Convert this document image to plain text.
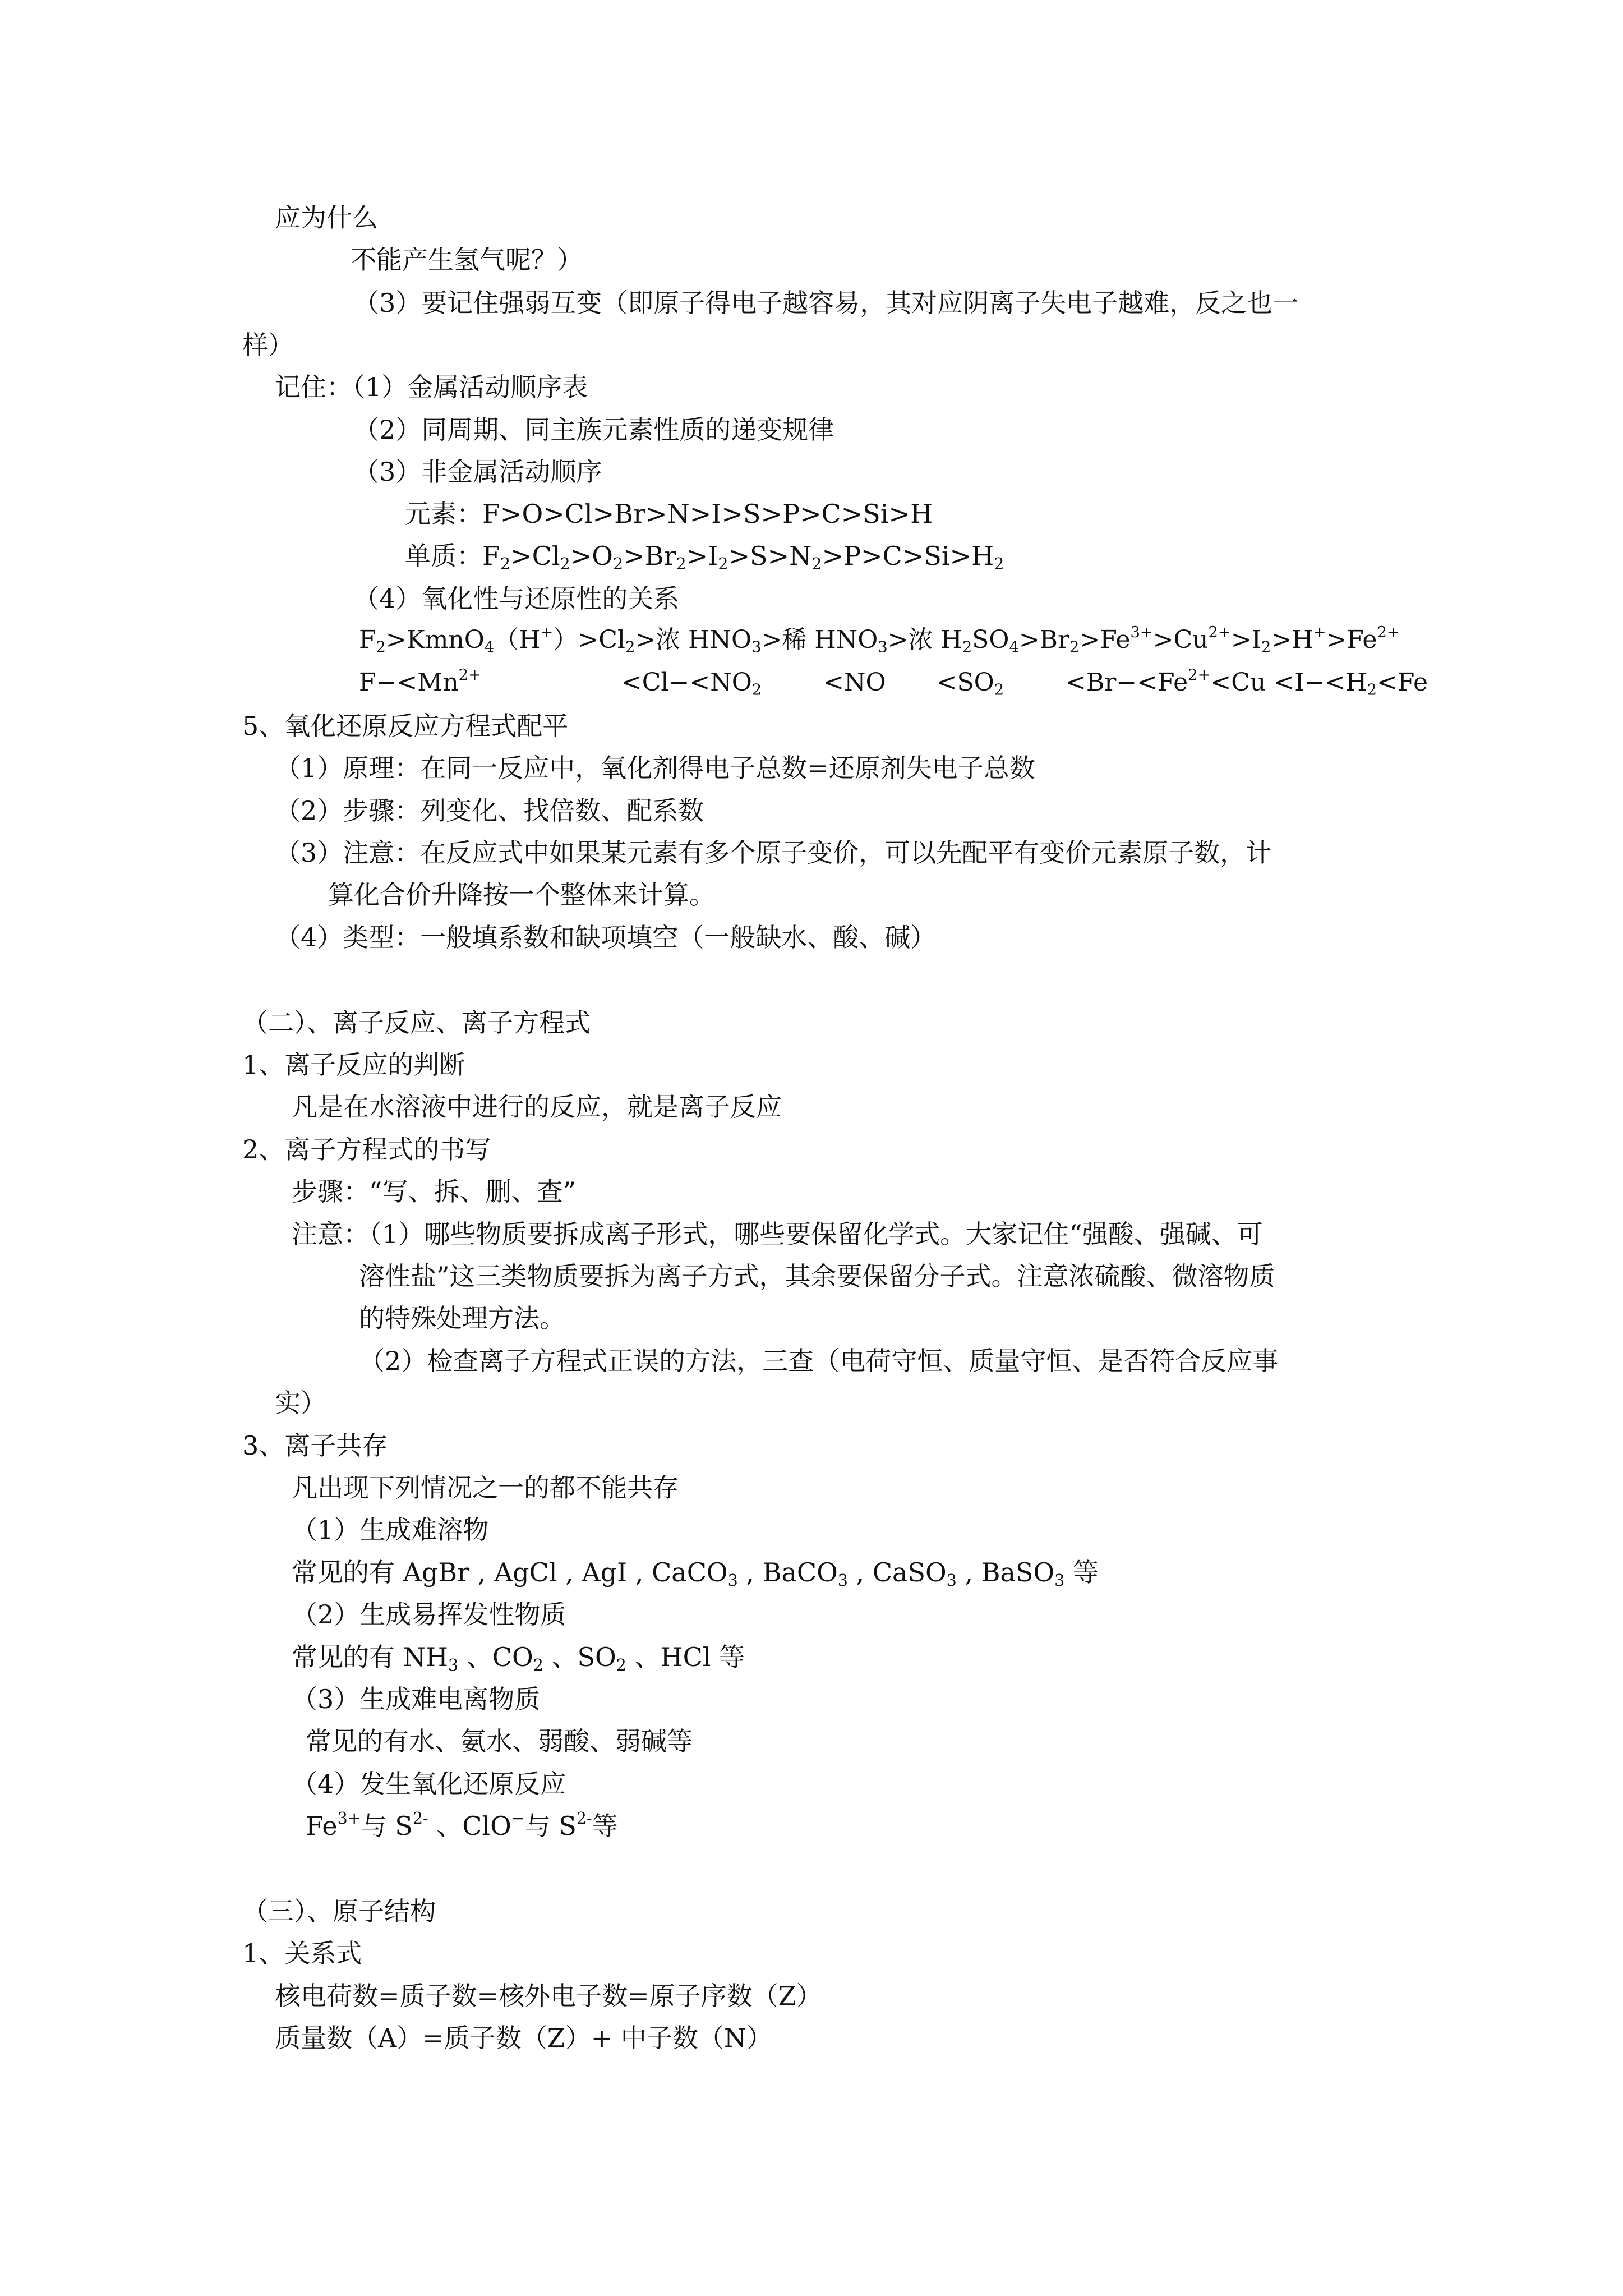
应为什么
不能产生氢气呢？）
（3）要记住强弱互变（即原子得电子越容易，其对应阴离子失电子越难，反之也一
样）
记住：（1）金属活动顺序表
（2）同周期、同主族元素性质的递变规律
（3）非金属活动顺序
元素：F>O>Cl>Br>N>I>S>P>C>Si>H
单质：$F_2>Cl_2>O_2>Br_2>I_2>S>N_2>P>C>Si>H_2$
（4）氧化性与还原性的关系
$F_2>KmnO_4(H^+)>Cl_2>$浓 $HNO_3>$稀 $HNO_3>$浓 $H_2SO_4>Br_2>Fe^{3+}>Cu^{2+}>I_2>H^+>Fe^{2+}$
$F-<Mn^{2+}$	$<Cl-<NO_2$	$<NO <SO_2$	$<Br-<Fe^{2+}<Cu <I-<H_2<Fe$
5、氧化还原反应方程式配平
（1）原理：在同一反应中，氧化剂得电子总数=还原剂失电子总数
（2）步骤：列变化、找倍数、配系数
（3）注意：在反应式中如果某元素有多个原子变价，可以先配平有变价元素原子数，计
算化合价升降按一个整体来计算。
（4）类型：一般填系数和缺项填空（一般缺水、酸、碱）
（二）、离子反应、离子方程式
1、离子反应的判断
凡是在水溶液中进行的反应，就是离子反应
2、离子方程式的书写
步骤：“写、拆、删、查”
注意：（1）哪些物质要拆成离子形式，哪些要保留化学式。大家记住“强酸、强碱、可
溶性盐”这三类物质要拆为离子方式，其余要保留分子式。注意浓硫酸、微溶物质
的特殊处理方法。
（2）检查离子方程式正误的方法，三查（电荷守恒、质量守恒、是否符合反应事
实）
3、离子共存
凡出现下列情况之一的都不能共存
（1）生成难溶物
常见的有 AgBr , AgCl , AgI , CaCO$_3$ , BaCO$_3$ , CaSO$_3$ , BaSO$_3$ 等
（2）生成易挥发性物质
常见的有 $NH_3$ 、$CO_2$ 、$SO_2$ 、HCl 等
（3）生成难电离物质
常见的有水、氨水、弱酸、弱碱等
（4）发生氧化还原反应
$Fe^{3+}$与 $S^{2-}$ 、ClO−与 $S^{2-}$等
（三）、原子结构
1、关系式
核电荷数=质子数=核外电子数=原子序数（Z）
质量数（A）=质子数（Z）+ 中子数（N）
